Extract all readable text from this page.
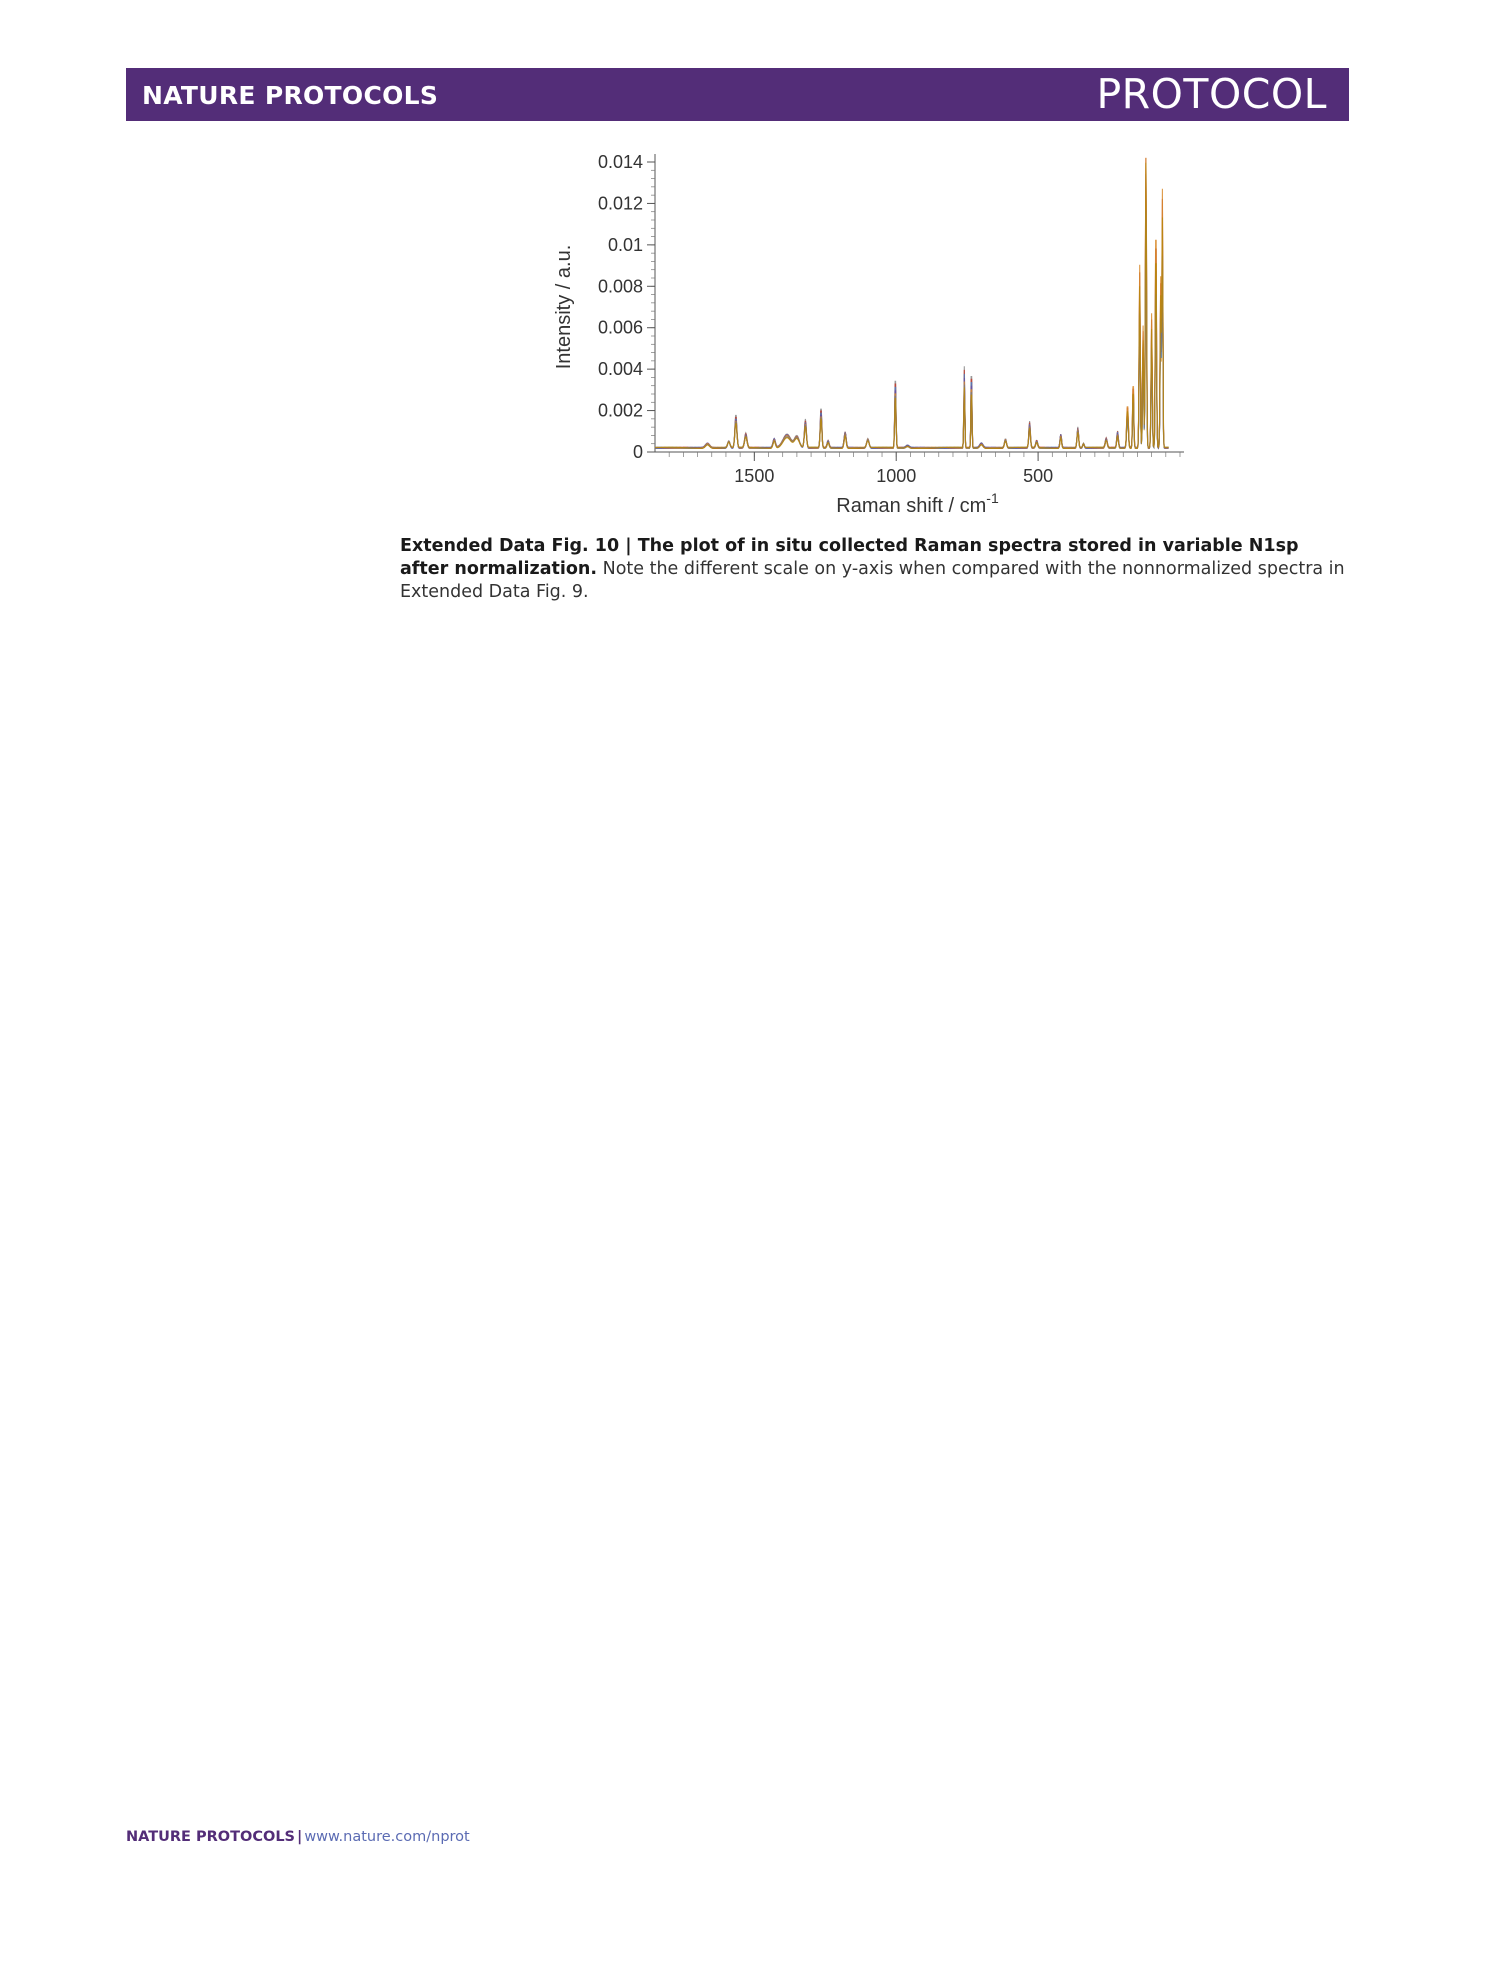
NATURE PROTOCOLS	PROTOCOL
0
0.002
0.004
0.006
0.008
0.01
0.012
0.014
1500	1000	500
Raman shift / $cm^{-1}$
Intensity / a.u.
Extended Data Fig. 10 | The plot of in situ collected Raman spectra stored in variable N1sp after normalization. Note the different scale on y-axis when compared with the nonnormalized spectra in Extended Data Fig. 9.
NATURE PROTOCOLS | www.nature.com/nprot
